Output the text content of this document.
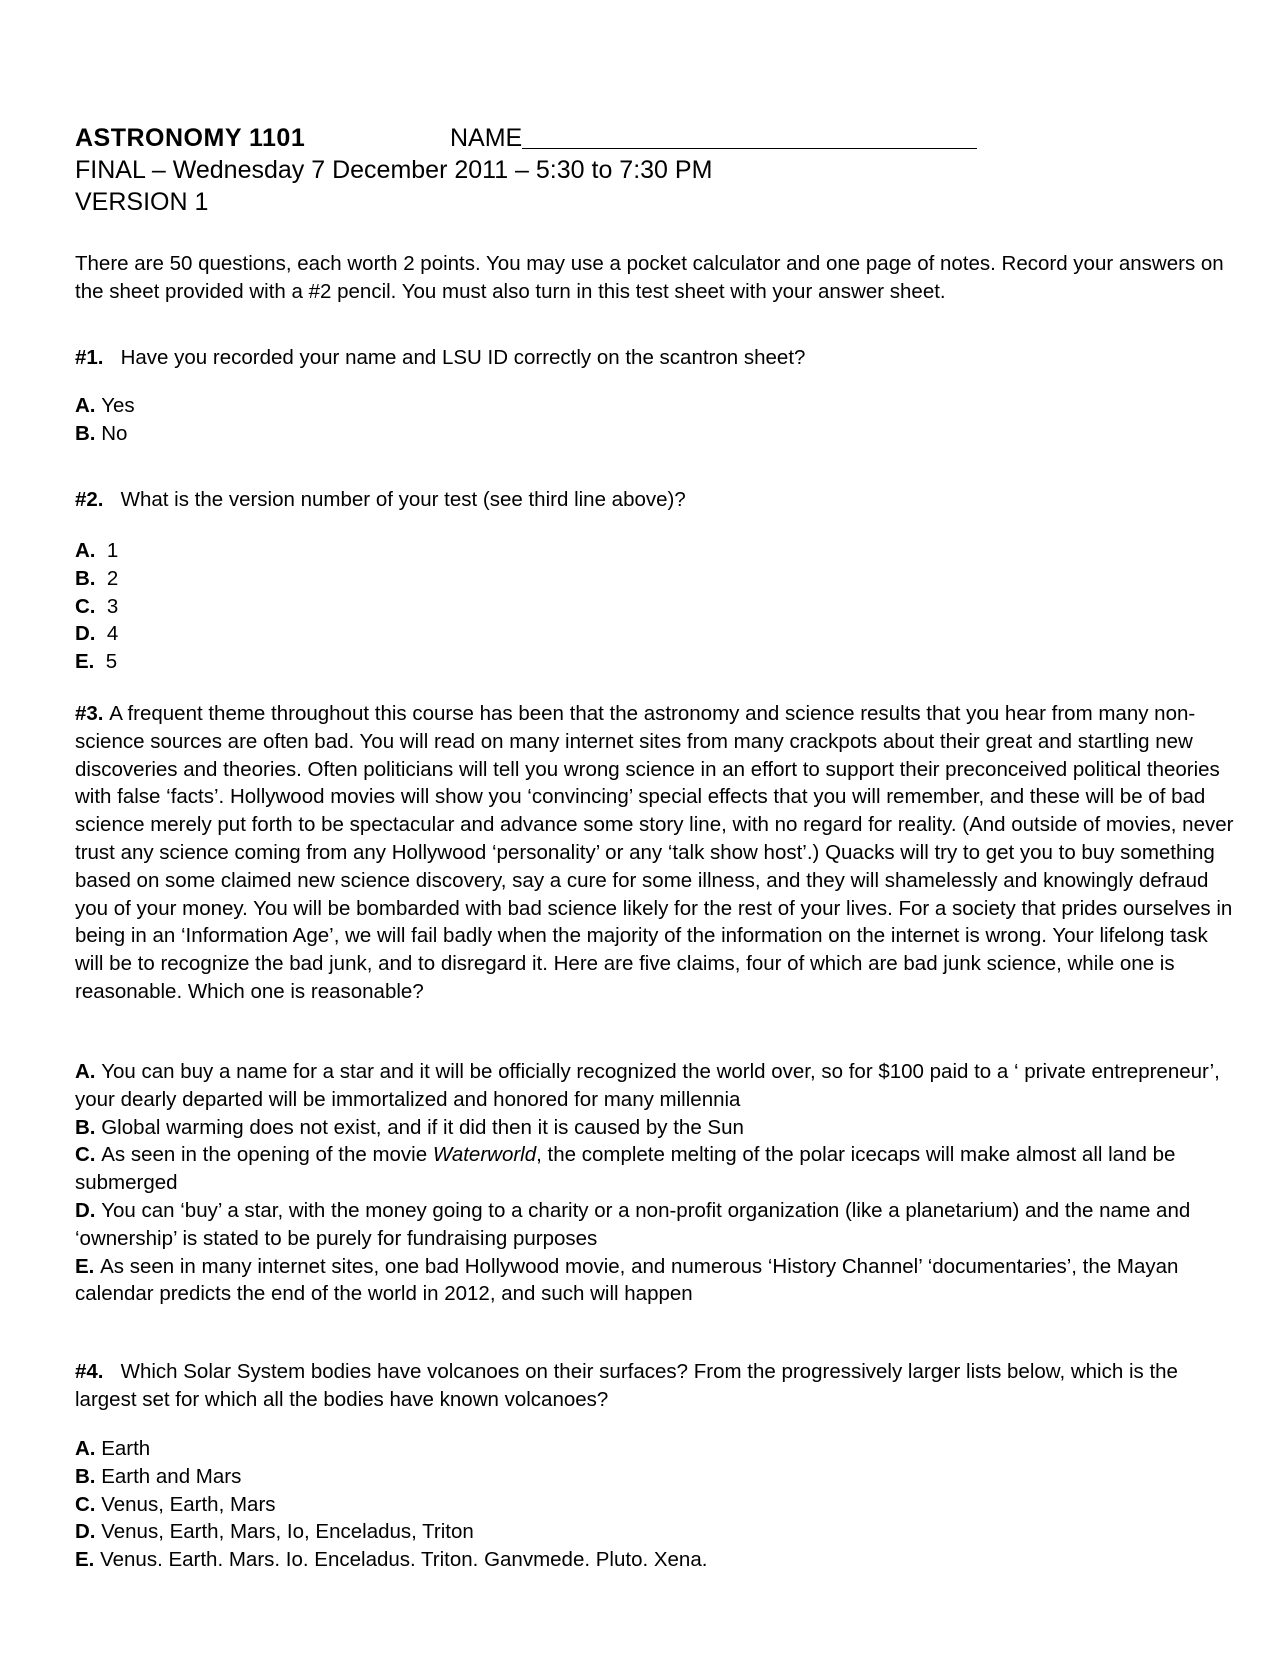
ASTRONOMY 1101	NAME
FINAL – Wednesday 7 December 2011 – 5:30 to 7:30 PM
VERSION 1

There are 50 questions, each worth 2 points. You may use a pocket calculator and one page of notes. Record your answers on the sheet provided with a #2 pencil. You must also turn in this test sheet with your answer sheet.

#1. Have you recorded your name and LSU ID correctly on the scantron sheet?

A. Yes
B. No

#2. What is the version number of your test (see third line above)?

A. 1
B. 2
C. 3
D. 4
E. 5

#3. A frequent theme throughout this course has been that the astronomy and science results that you hear from many non-science sources are often bad. You will read on many internet sites from many crackpots about their great and startling new discoveries and theories. Often politicians will tell you wrong science in an effort to support their preconceived political theories with false ‘facts’. Hollywood movies will show you ‘convincing’ special effects that you will remember, and these will be of bad science merely put forth to be spectacular and advance some story line, with no regard for reality. (And outside of movies, never trust any science coming from any Hollywood ‘personality’ or any ‘talk show host’.) Quacks will try to get you to buy something based on some claimed new science discovery, say a cure for some illness, and they will shamelessly and knowingly defraud you of your money. You will be bombarded with bad science likely for the rest of your lives. For a society that prides ourselves in being in an ‘Information Age’, we will fail badly when the majority of the information on the internet is wrong. Your lifelong task will be to recognize the bad junk, and to disregard it. Here are five claims, four of which are bad junk science, while one is reasonable. Which one is reasonable?

A. You can buy a name for a star and it will be officially recognized the world over, so for $100 paid to a ‘ private entrepreneur’, your dearly departed will be immortalized and honored for many millennia
B. Global warming does not exist, and if it did then it is caused by the Sun
C. As seen in the opening of the movie Waterworld, the complete melting of the polar icecaps will make almost all land be submerged
D. You can ‘buy’ a star, with the money going to a charity or a non-profit organization (like a planetarium) and the name and ‘ownership’ is stated to be purely for fundraising purposes
E. As seen in many internet sites, one bad Hollywood movie, and numerous ‘History Channel’ ‘documentaries’, the Mayan calendar predicts the end of the world in 2012, and such will happen

#4. Which Solar System bodies have volcanoes on their surfaces? From the progressively larger lists below, which is the largest set for which all the bodies have known volcanoes?

A. Earth
B. Earth and Mars
C. Venus, Earth, Mars
D. Venus, Earth, Mars, Io, Enceladus, Triton
E. Venus. Earth. Mars. Io. Enceladus. Triton. Ganvmede. Pluto. Xena.
